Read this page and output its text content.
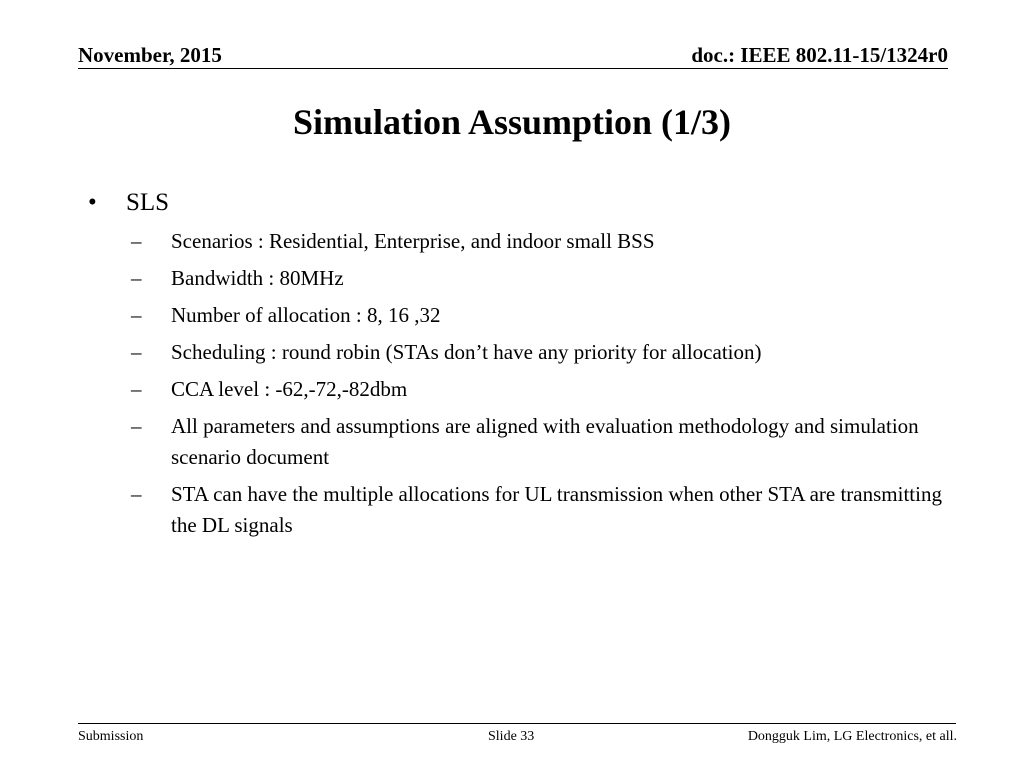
November, 2015	doc.: IEEE 802.11-15/1324r0
Simulation Assumption (1/3)
• SLS
– Scenarios : Residential, Enterprise, and indoor small BSS
– Bandwidth : 80MHz
– Number of allocation : 8, 16 ,32
– Scheduling : round robin (STAs don’t have any priority for allocation)
– CCA level : -62,-72,-82dbm
– All parameters and assumptions are aligned with evaluation methodology and simulation scenario document
– STA can have the multiple allocations for UL transmission when other STA are transmitting the DL signals
Submission	Slide 33	Dongguk Lim, LG Electronics, et all.
